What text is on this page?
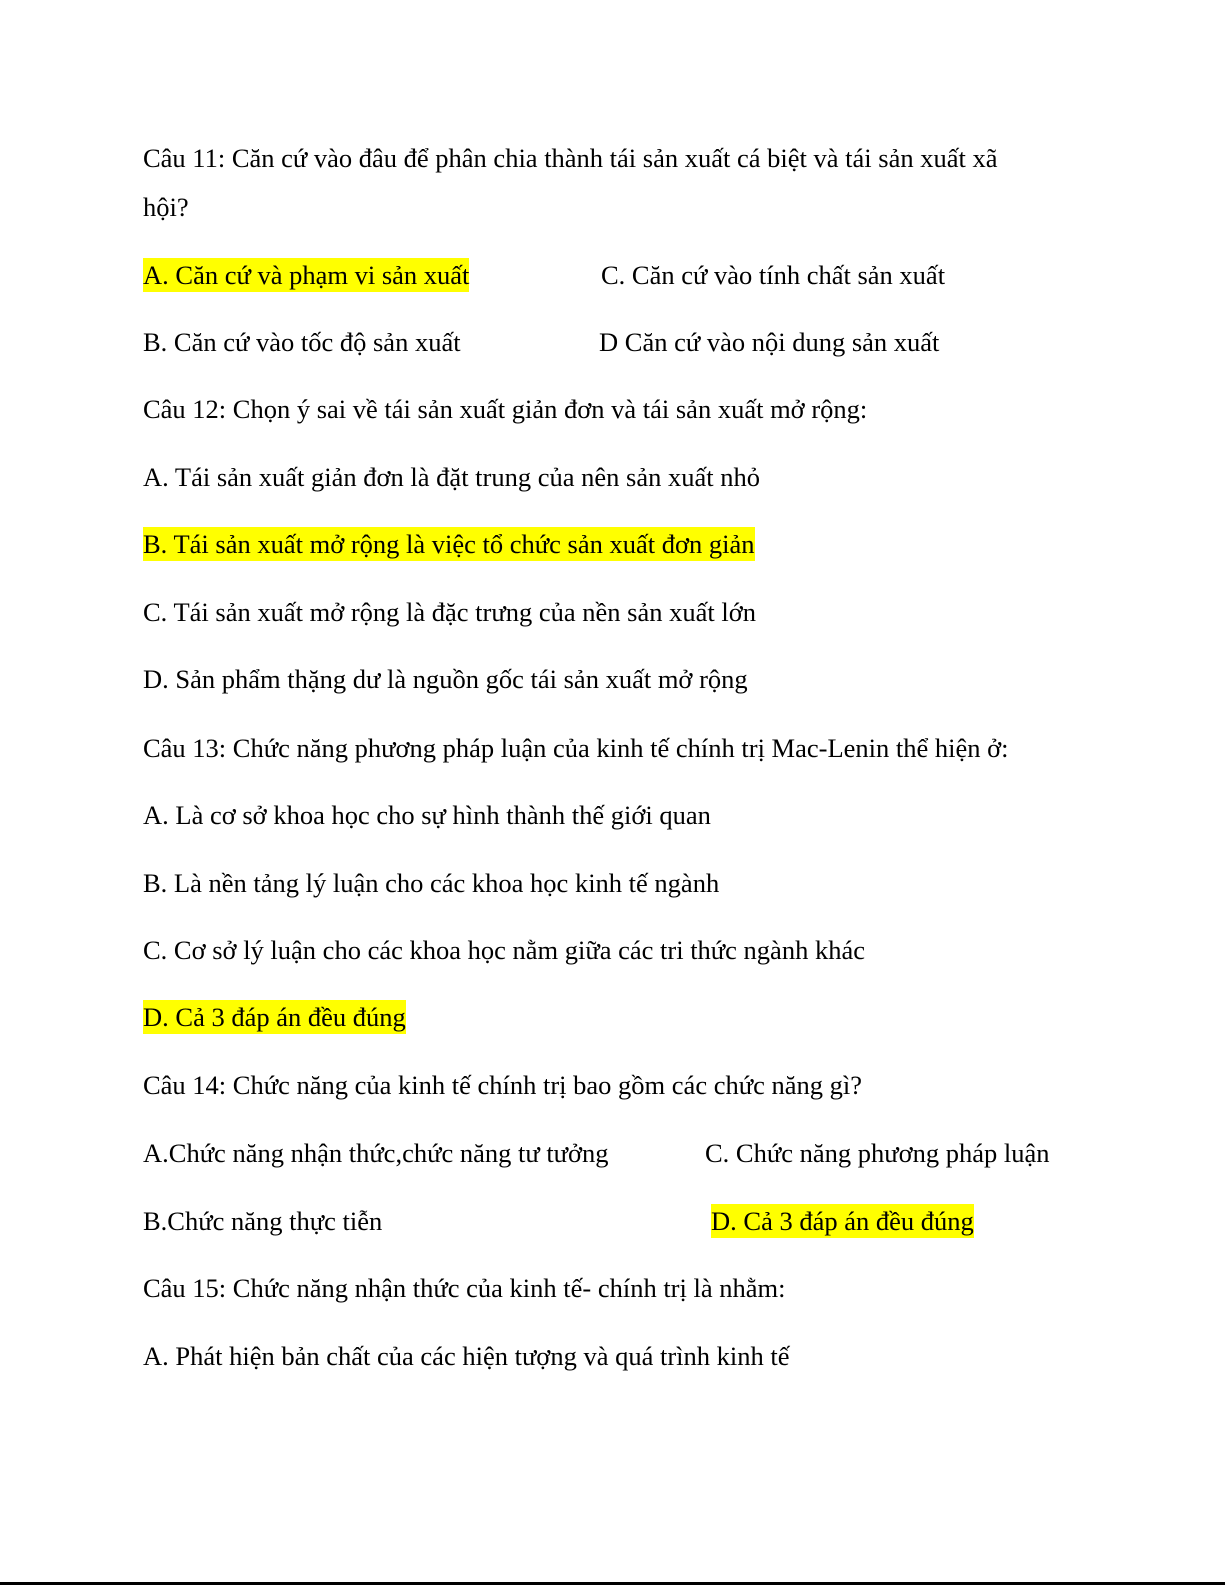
Câu 11: Căn cứ vào đâu để phân chia thành tái sản xuất cá biệt và tái sản xuất xã
hội?
A. Căn cứ và phạm vi sản xuất	C. Căn cứ vào tính chất sản xuất
B. Căn cứ vào tốc độ sản xuất	D Căn cứ vào nội dung sản xuất
Câu 12: Chọn ý sai về tái sản xuất giản đơn và tái sản xuất mở rộng:
A. Tái sản xuất giản đơn là đặt trung của nên sản xuất nhỏ
B. Tái sản xuất mở rộng là việc tổ chức sản xuất đơn giản
C. Tái sản xuất mở rộng là đặc trưng của nền sản xuất lớn
D. Sản phẩm thặng dư là nguồn gốc tái sản xuất mở rộng
Câu 13: Chức năng phương pháp luận của kinh tế chính trị Mac-Lenin thể hiện ở:
A. Là cơ sở khoa học cho sự hình thành thế giới quan
B. Là nền tảng lý luận cho các khoa học kinh tế ngành
C. Cơ sở lý luận cho các khoa học nằm giữa các tri thức ngành khác
D. Cả 3 đáp án đều đúng
Câu 14: Chức năng của kinh tế chính trị bao gồm các chức năng gì?
A.Chức năng nhận thức,chức năng tư tưởng	C. Chức năng phương pháp luận
B.Chức năng thực tiễn	D. Cả 3 đáp án đều đúng
Câu 15: Chức năng nhận thức của kinh tế- chính trị là nhằm:
A. Phát hiện bản chất của các hiện tượng và quá trình kinh tế
